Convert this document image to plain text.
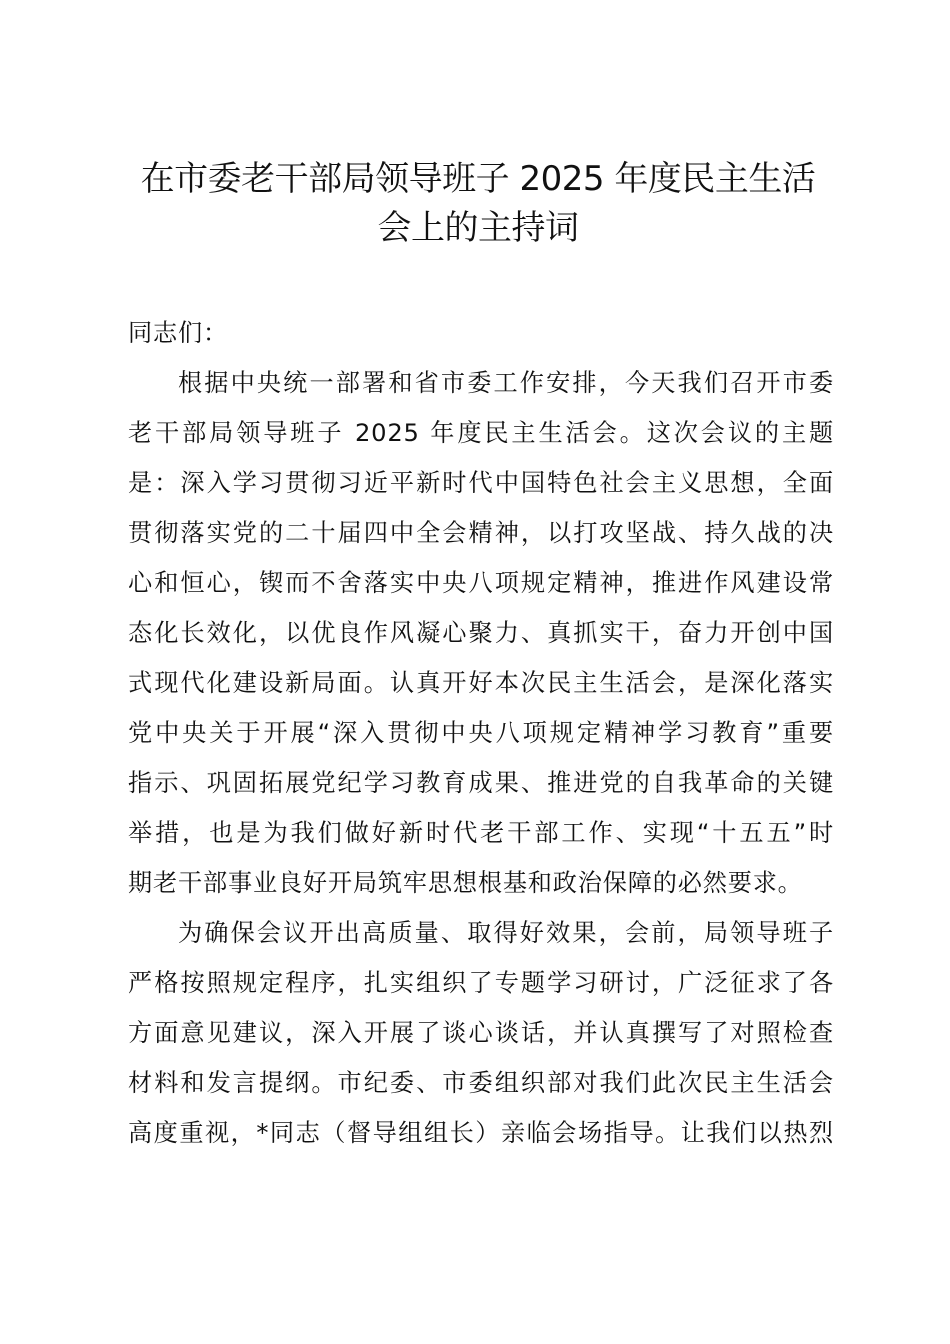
在市委老干部局领导班子 2025 年度民主生活
会上的主持词
同志们：
根据中央统一部署和省市委工作安排，今天我们召开市委
老干部局领导班子 2025 年度民主生活会。这次会议的主题
是：深入学习贯彻习近平新时代中国特色社会主义思想，全面
贯彻落实党的二十届四中全会精神，以打攻坚战、持久战的决
心和恒心，锲而不舍落实中央八项规定精神，推进作风建设常
态化长效化，以优良作风凝心聚力、真抓实干，奋力开创中国
式现代化建设新局面。认真开好本次民主生活会，是深化落实
党中央关于开展“深入贯彻中央八项规定精神学习教育”重要
指示、巩固拓展党纪学习教育成果、推进党的自我革命的关键
举措，也是为我们做好新时代老干部工作、实现“十五五”时
期老干部事业良好开局筑牢思想根基和政治保障的必然要求。
为确保会议开出高质量、取得好效果，会前，局领导班子
严格按照规定程序，扎实组织了专题学习研讨，广泛征求了各
方面意见建议，深入开展了谈心谈话，并认真撰写了对照检查
材料和发言提纲。市纪委、市委组织部对我们此次民主生活会
高度重视，*同志（督导组组长）亲临会场指导。让我们以热烈
